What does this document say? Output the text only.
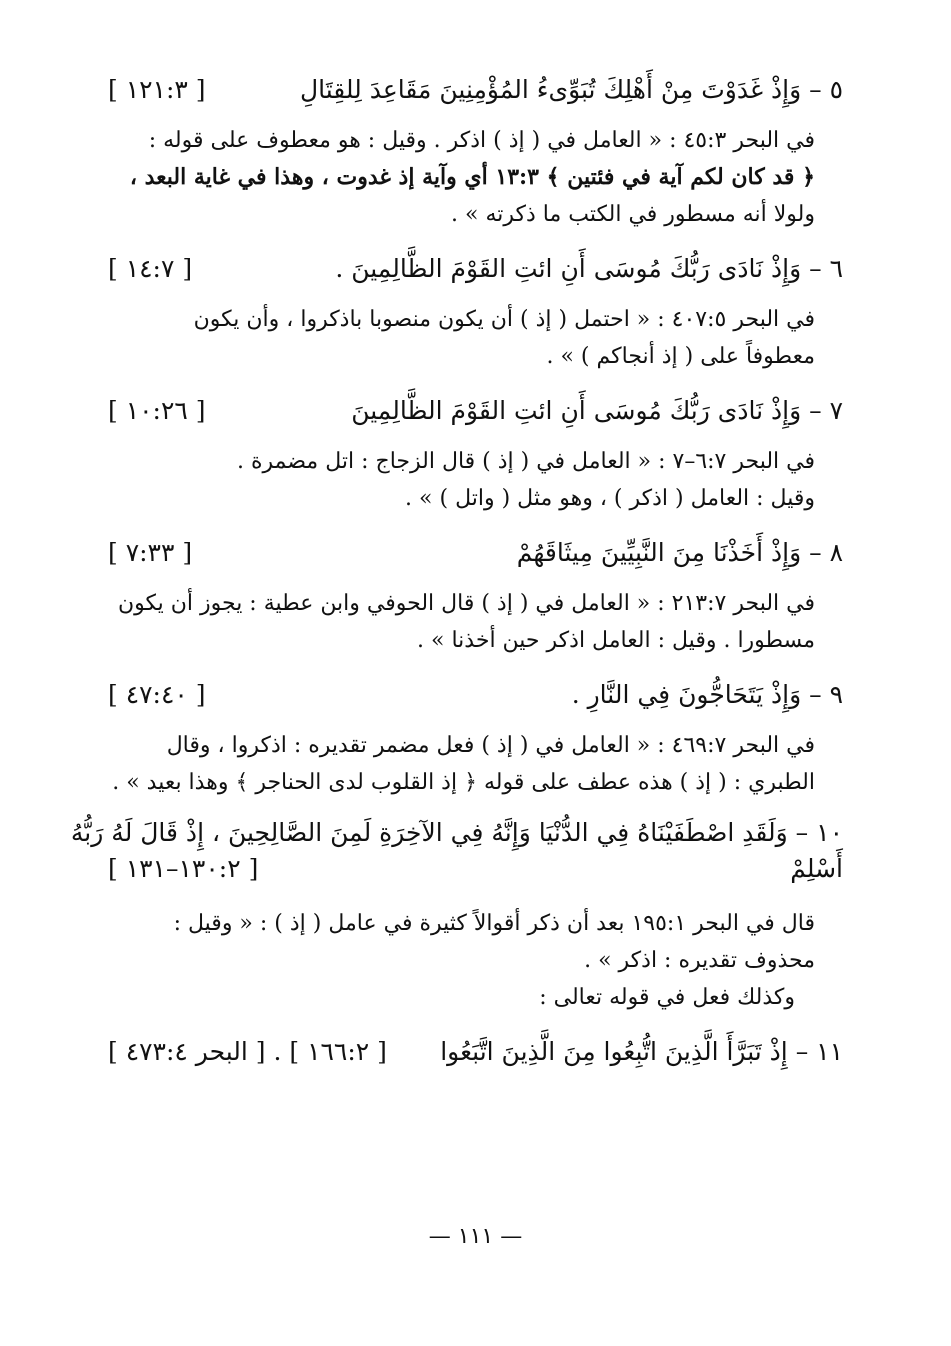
٥ – وَإِذْ غَدَوْتَ مِنْ أَهْلِكَ تُبَوِّىءُ المُؤْمِنِينَ مَقَاعِدَ لِلقِتَالِ
[ ١٢١:٣ ]

في البحر ٤٥:٣ : « العامل في ( إذ ) اذكر . وقيل : هو معطوف على قوله :

﴿ قد كان لكم آية في فئتين ﴾ ١٣:٣ أي وآية إذ غدوت ، وهذا في غاية البعد ،

ولولا أنه مسطور في الكتب ما ذكرته » .

٦ – وَإِذْ نَادَى رَبُّكَ مُوسَى أَنِ ائتِ القَوْمَ الظَّالِمِينَ .
[ ١٤:٧ ]

في البحر ٤٠٧:٥ : « احتمل ( إذ ) أن يكون منصوبا باذكروا ، وأن يكون

معطوفاً على ( إذ أنجاكم ) » .

٧ – وَإِذْ نَادَى رَبُّكَ مُوسَى أَنِ ائتِ القَوْمَ الظَّالِمِينَ
[ ١٠:٢٦ ]

في البحر ٦:٧–٧ : « العامل في ( إذ ) قال الزجاج : اتل مضمرة .

وقيل : العامل ( اذكر ) ، وهو مثل ( واتل ) » .

٨ – وَإِذْ أَخَذْنَا مِنَ النَّبِيِّينَ مِيثَاقَهُمْ
[ ٧:٣٣ ]

في البحر ٢١٣:٧ : « العامل في ( إذ ) قال الحوفي وابن عطية : يجوز أن يكون

مسطورا . وقيل : العامل اذكر حين أخذنا » .

٩ – وَإِذْ يَتَحَاجُّونَ فِي النَّارِ .
[ ٤٧:٤٠ ]

في البحر ٤٦٩:٧ : « العامل في ( إذ ) فعل مضمر تقديره : اذكروا ، وقال

الطبري : ( إذ ) هذه عطف على قوله ﴿ إذ القلوب لدى الحناجر ﴾ وهذا بعيد » .

١٠ – وَلَقَدِ اصْطَفَيْنَاهُ فِي الدُّنْيَا وَإِنَّهُ فِي الآخِرَةِ لَمِنَ الصَّالِحِينَ ، إِذْ قَالَ لَهُ رَبُّهُ
أَسْلِمْ
[ ١٣٠:٢–١٣١ ]

قال في البحر ١٩٥:١ بعد أن ذكر أقوالاً كثيرة في عامل ( إذ ) : « وقيل :

محذوف تقديره : اذكر » .

وكذلك فعل في قوله تعالى :

١١ – إِذْ تَبَرَّأَ الَّذِينَ اتُّبِعُوا مِنَ الَّذِينَ اتَّبَعُوا
[ ١٦٦:٢ ] . [ البحر ٤٧٣:٤ ]
— ١١١ —
